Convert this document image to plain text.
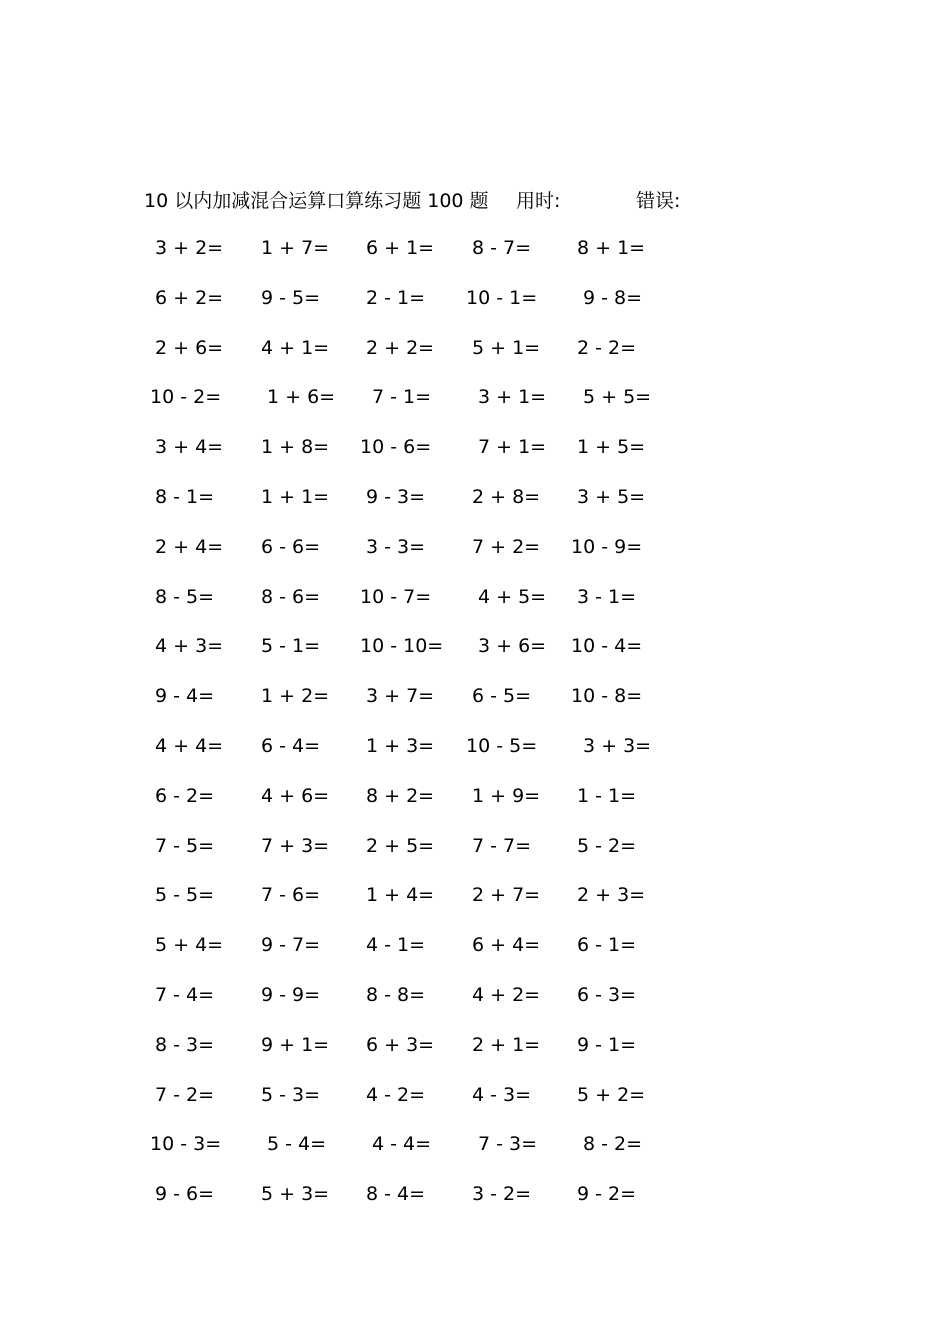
10 以内加减混合运算口算练习题 100 题 用时:	错误:
3 + 2= 1 + 7= 6 + 1= 8 - 7= 8 + 1=
6 + 2= 9 - 5= 2 - 1= 10 - 1= 9 - 8=
2 + 6= 4 + 1= 2 + 2= 5 + 1= 2 - 2=
10 - 2= 1 + 6= 7 - 1= 3 + 1= 5 + 5=
3 + 4= 1 + 8= 10 - 6= 7 + 1= 1 + 5=
8 - 1= 1 + 1= 9 - 3= 2 + 8= 3 + 5=
2 + 4= 6 - 6= 3 - 3= 7 + 2= 10 - 9=
8 - 5= 8 - 6= 10 - 7= 4 + 5= 3 - 1=
4 + 3= 5 - 1= 10 - 10= 3 + 6= 10 - 4=
9 - 4= 1 + 2= 3 + 7= 6 - 5= 10 - 8=
4 + 4= 6 - 4= 1 + 3= 10 - 5= 3 + 3=
6 - 2= 4 + 6= 8 + 2= 1 + 9= 1 - 1=
7 - 5= 7 + 3= 2 + 5= 7 - 7= 5 - 2=
5 - 5= 7 - 6= 1 + 4= 2 + 7= 2 + 3=
5 + 4= 9 - 7= 4 - 1= 6 + 4= 6 - 1=
7 - 4= 9 - 9= 8 - 8= 4 + 2= 6 - 3=
8 - 3= 9 + 1= 6 + 3= 2 + 1= 9 - 1=
7 - 2= 5 - 3= 4 - 2= 4 - 3= 5 + 2=
10 - 3= 5 - 4= 4 - 4= 7 - 3= 8 - 2=
9 - 6= 5 + 3= 8 - 4= 3 - 2= 9 - 2=
